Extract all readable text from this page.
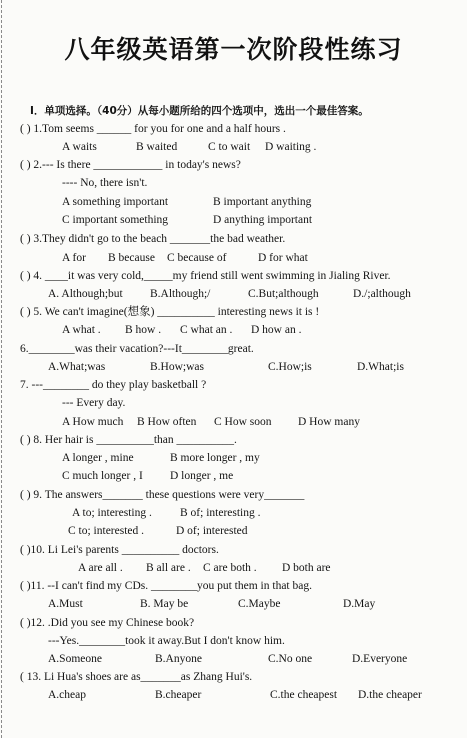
八年级英语第一次阶段性练习
I．单项选择。（40分）从每小题所给的四个选项中，选出一个最佳答案。
( ) 1.Tom seems ______ for you for one and a half hours .
A waits	B waited	C to wait D waiting .
( ) 2.--- Is there ____________ in today's news?
---- No, there isn't.
A something important	B important anything
C important something	D anything important
( ) 3.They didn't go to the beach _______the bad weather.
A for B because C because of	D for what
( ) 4. ____it was very cold,_____my friend still went swimming in Jialing River.
A. Although;but B.Although;/	C.But;although	D./;although
( ) 5. We can't imagine(想象) __________ interesting news it is !
A what . B how . C what an . D how an .
6.________was their vacation?---It________great.
A.What;was	B.How;was	C.How;is	D.What;is
7. ---________ do they play basketball ?
--- Every day.
A How much B How often C How soon D How many
( ) 8. Her hair is __________than __________.
A longer , mine	B more longer , my
C much longer , I D longer , me
( ) 9. The answers_______ these questions were very_______
A to; interesting . B of; interesting .
C to; interested .	D of; interested
( )10. Li Lei's parents __________ doctors.
A are all . B all are . C are both . D both are
( )11. --I can't find my CDs. ________you put them in that bag.
A.Must	B. May be	C.Maybe	D.May
( )12. .Did you see my Chinese book?
---Yes.________took it away.But I don't know him.
A.Someone	B.Anyone	C.No one	D.Everyone
( 13. Li Hua's shoes are as_______as Zhang Hui's.
A.cheap	B.cheaper	C.the cheapest D.the cheaper
